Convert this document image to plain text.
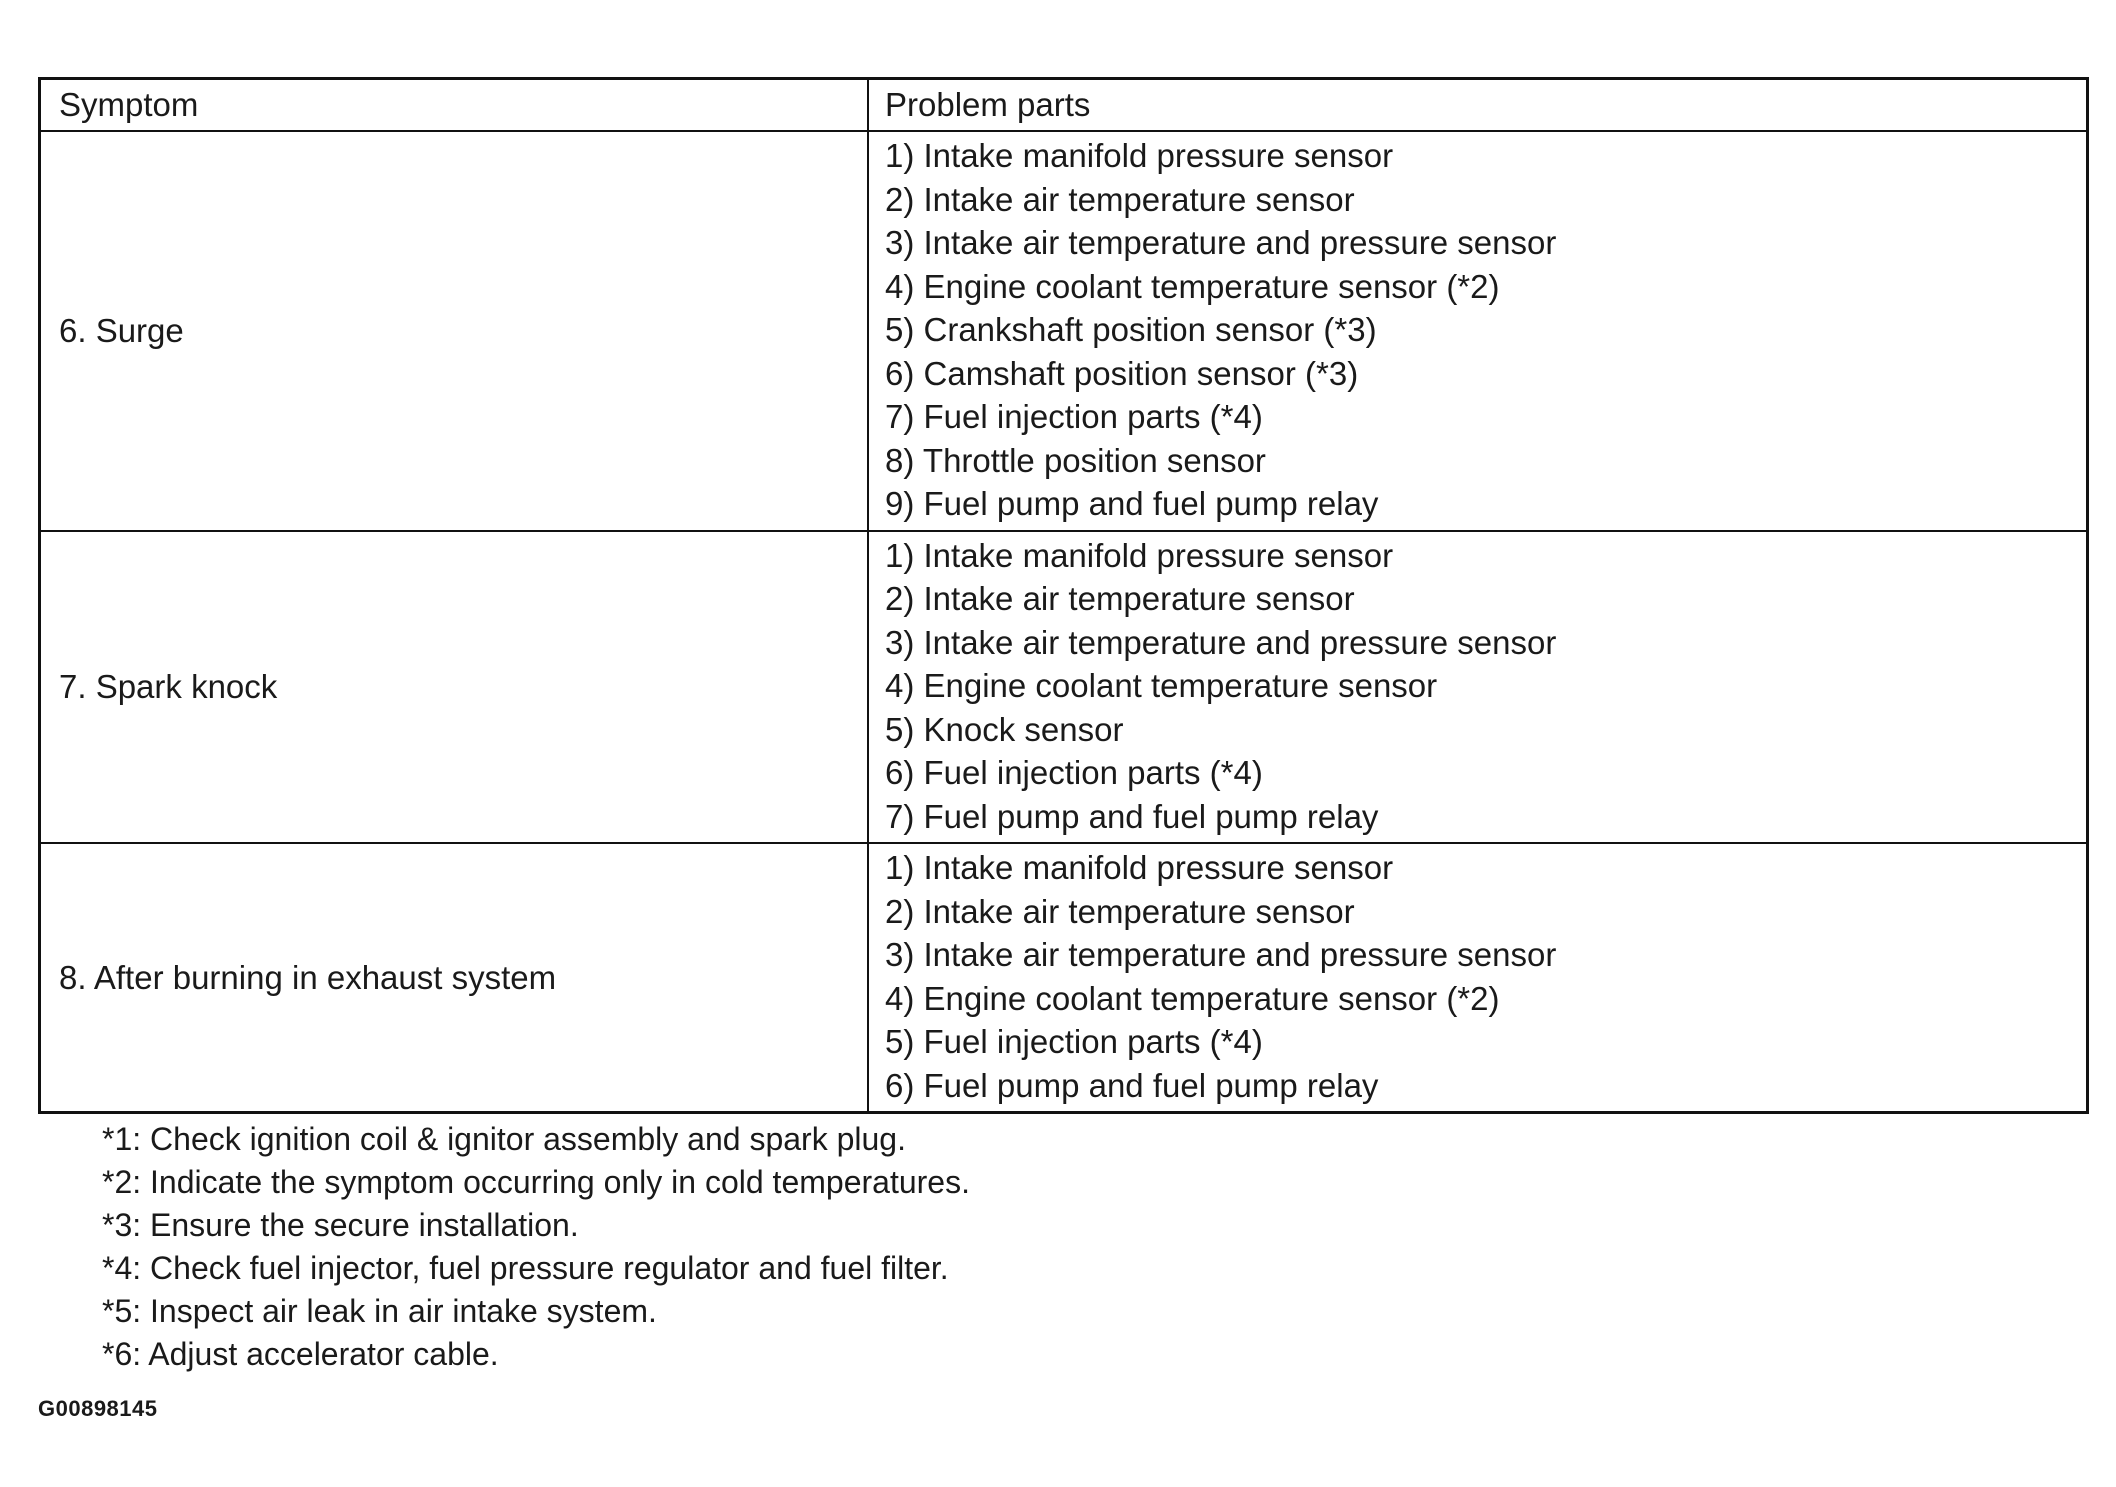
Symptom	Problem parts
6. Surge
1) Intake manifold pressure sensor
2) Intake air temperature sensor
3) Intake air temperature and pressure sensor
4) Engine coolant temperature sensor (*2)
5) Crankshaft position sensor (*3)
6) Camshaft position sensor (*3)
7) Fuel injection parts (*4)
8) Throttle position sensor
9) Fuel pump and fuel pump relay
7. Spark knock
1) Intake manifold pressure sensor
2) Intake air temperature sensor
3) Intake air temperature and pressure sensor
4) Engine coolant temperature sensor
5) Knock sensor
6) Fuel injection parts (*4)
7) Fuel pump and fuel pump relay
8. After burning in exhaust system
1) Intake manifold pressure sensor
2) Intake air temperature sensor
3) Intake air temperature and pressure sensor
4) Engine coolant temperature sensor (*2)
5) Fuel injection parts (*4)
6) Fuel pump and fuel pump relay
*1: Check ignition coil & ignitor assembly and spark plug.
*2: Indicate the symptom occurring only in cold temperatures.
*3: Ensure the secure installation.
*4: Check fuel injector, fuel pressure regulator and fuel filter.
*5: Inspect air leak in air intake system.
*6: Adjust accelerator cable.
G00898145
